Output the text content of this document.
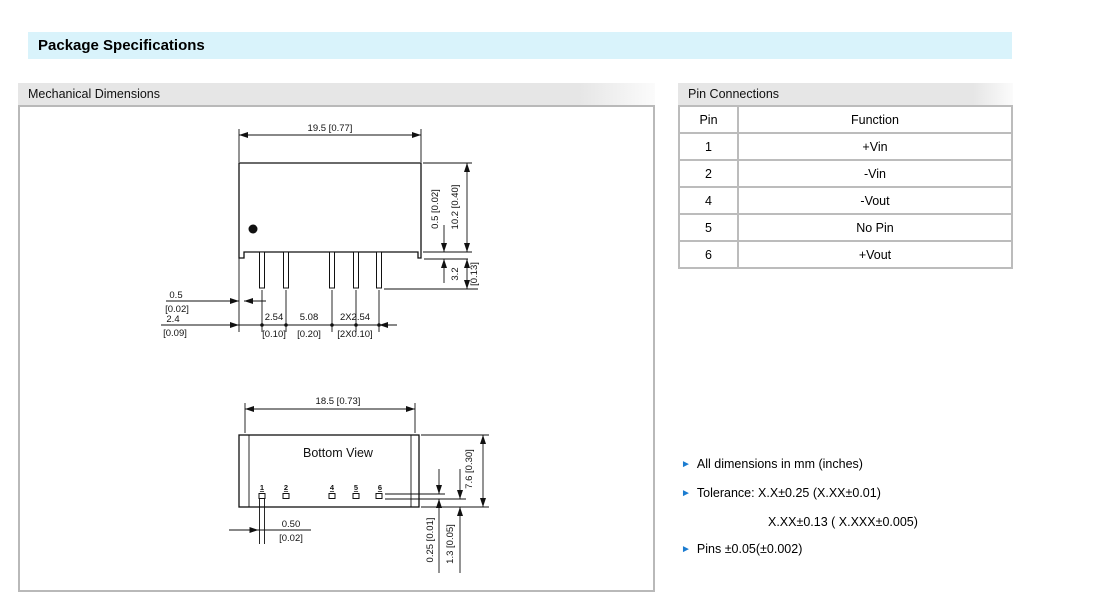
Package Specifications
Mechanical Dimensions
19.5 [0.77]
10.2 [0.40]
0.5 [0.02]
3.2 [0.13]
0.5
[0.02]
2.4
[0.09]
2.54 5.08 2X2.54
[0.10] [0.20] [2X0.10]
18.5 [0.73]
Bottom View
1	2	4	5	6
0.25 [0.01] 1.3 [0.05]
7.6 [0.30]
0.50
[0.02]
Pin Connections
Pin	Function
1	+Vin
2	-Vin
4	-Vout
5	No Pin
6	+Vout
► All dimensions in mm (inches)
► Tolerance: X.X±0.25 (X.XX±0.01)
X.XX±0.13 ( X.XXX±0.005)
► Pins ±0.05(±0.002)
